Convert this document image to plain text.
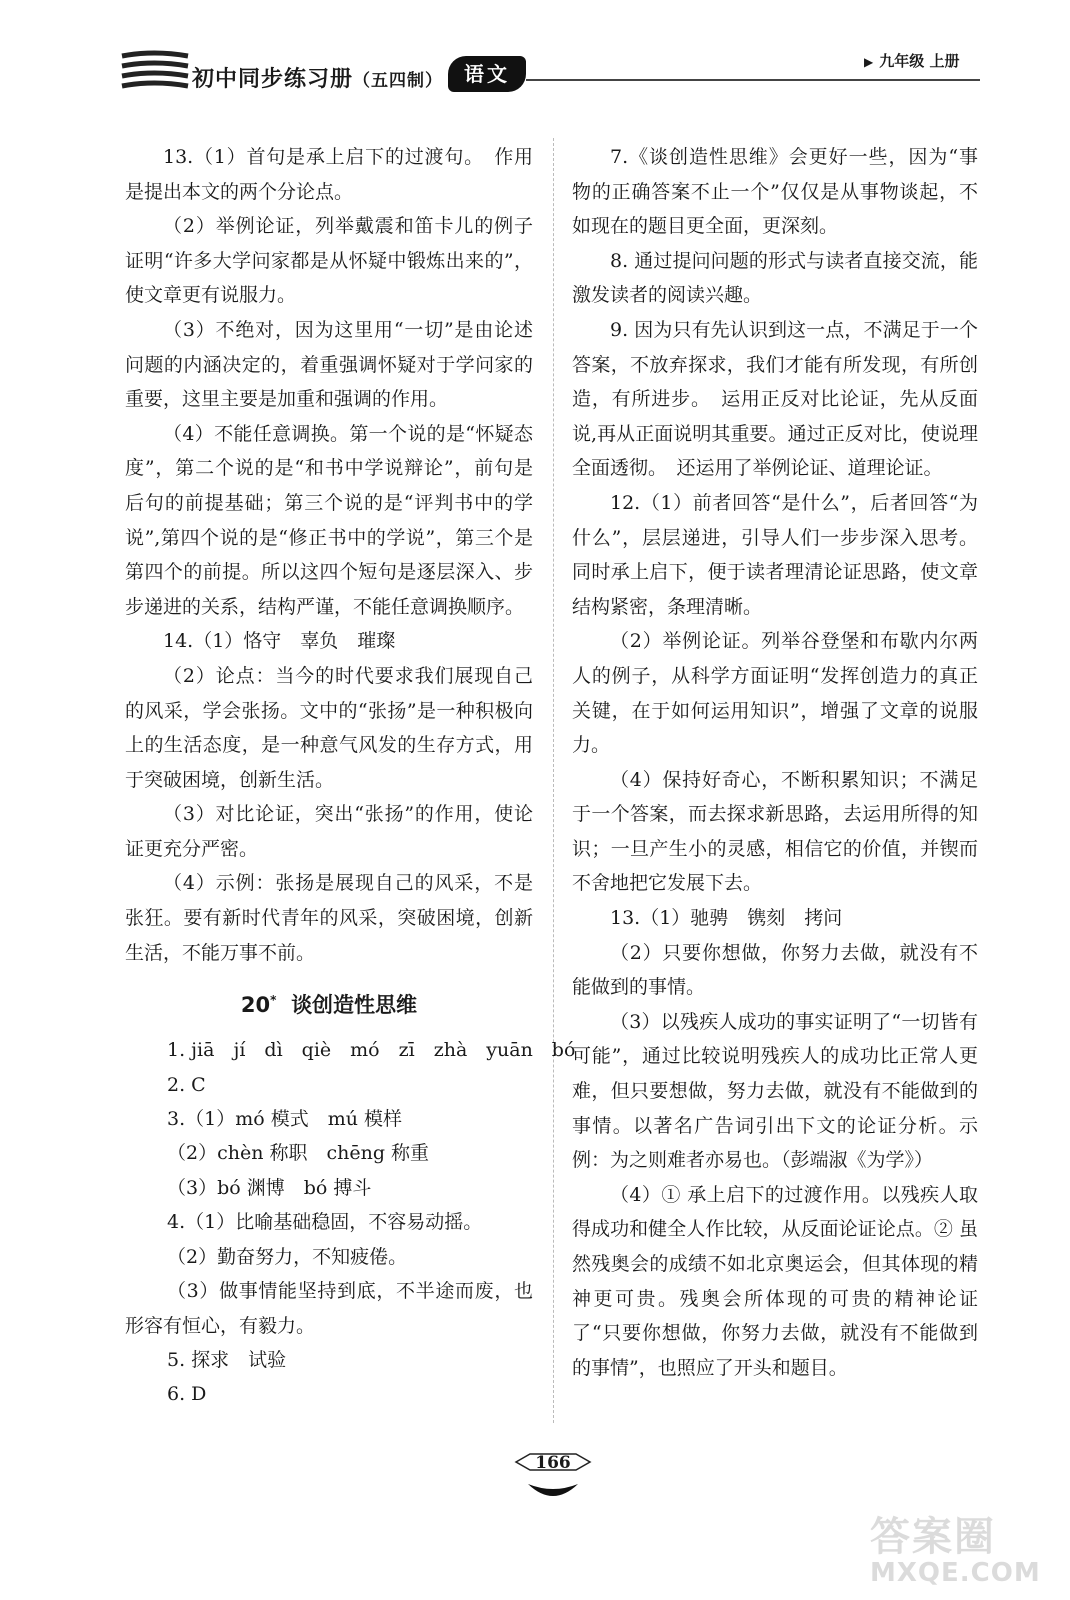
初中同步练习册（五四制）	语文	▶ 九年级 上册

13.（1）首句是承上启下的过渡句。　作用是提出本文的两个分论点。

（2）举例论证，列举戴震和笛卡儿的例子证明“许多大学问家都是从怀疑中锻炼出来的”，使文章更有说服力。

（3）不绝对，因为这里用“一切”是由论述问题的内涵决定的，着重强调怀疑对于学问家的重要，这里主要是加重和强调的作用。

（4）不能任意调换。第一个说的是“怀疑态度”，第二个说的是“和书中学说辩论”，前句是后句的前提基础；第三个说的是“评判书中的学说”,第四个说的是“修正书中的学说”，第三个是第四个的前提。所以这四个短句是逐层深入、步步递进的关系，结构严谨，不能任意调换顺序。

14.（1）恪守　辜负　璀璨

（2）论点：当今的时代要求我们展现自己的风采，学会张扬。文中的“张扬”是一种积极向上的生活态度，是一种意气风发的生存方式，用于突破困境，创新生活。

（3）对比论证，突出“张扬”的作用，使论证更充分严密。

（4）示例：张扬是展现自己的风采，不是张狂。要有新时代青年的风采，突破困境，创新生活，不能万事不前。

20* 谈创造性思维

1. jiā　jí　dì　qiè　mó　zī　zhà　yuān　bó

2. C

3.（1）mó 模式　mú 模样

（2）chèn 称职　chēng 称重

（3）bó 渊博　bó 搏斗

4.（1）比喻基础稳固，不容易动摇。

（2）勤奋努力，不知疲倦。

（3）做事情能坚持到底，不半途而废，也形容有恒心，有毅力。

5. 探求　试验

6. D

7.《谈创造性思维》会更好一些，因为“事物的正确答案不止一个”仅仅是从事物谈起，不如现在的题目更全面，更深刻。

8. 通过提问问题的形式与读者直接交流，能激发读者的阅读兴趣。

9. 因为只有先认识到这一点，不满足于一个答案，不放弃探求，我们才能有所发现，有所创造，有所进步。　运用正反对比论证，先从反面说,再从正面说明其重要。通过正反对比，使说理全面透彻。　还运用了举例论证、道理论证。

12.（1）前者回答“是什么”，后者回答“为什么”，层层递进，引导人们一步步深入思考。同时承上启下，便于读者理清论证思路，使文章结构紧密，条理清晰。

（2）举例论证。列举谷登堡和布歇内尔两人的例子，从科学方面证明“发挥创造力的真正关键，在于如何运用知识”，增强了文章的说服力。

（4）保持好奇心，不断积累知识；不满足于一个答案，而去探求新思路，去运用所得的知识；一旦产生小的灵感，相信它的价值，并锲而不舍地把它发展下去。

13.（1）驰骋　镌刻　拷问

（2）只要你想做，你努力去做，就没有不能做到的事情。

（3）以残疾人成功的事实证明了“一切皆有可能”，通过比较说明残疾人的成功比正常人更难，但只要想做，努力去做，就没有不能做到的事情。以著名广告词引出下文的论证分析。示例：为之则难者亦易也。（彭端淑《为学》）

（4）① 承上启下的过渡作用。以残疾人取得成功和健全人作比较，从反面论证论点。② 虽然残奥会的成绩不如北京奥运会，但其体现的精神更可贵。残奥会所体现的可贵的精神论证了“只要你想做，你努力去做，就没有不能做到的事情”，也照应了开头和题目。

166
答案圈
MXQE.COM
